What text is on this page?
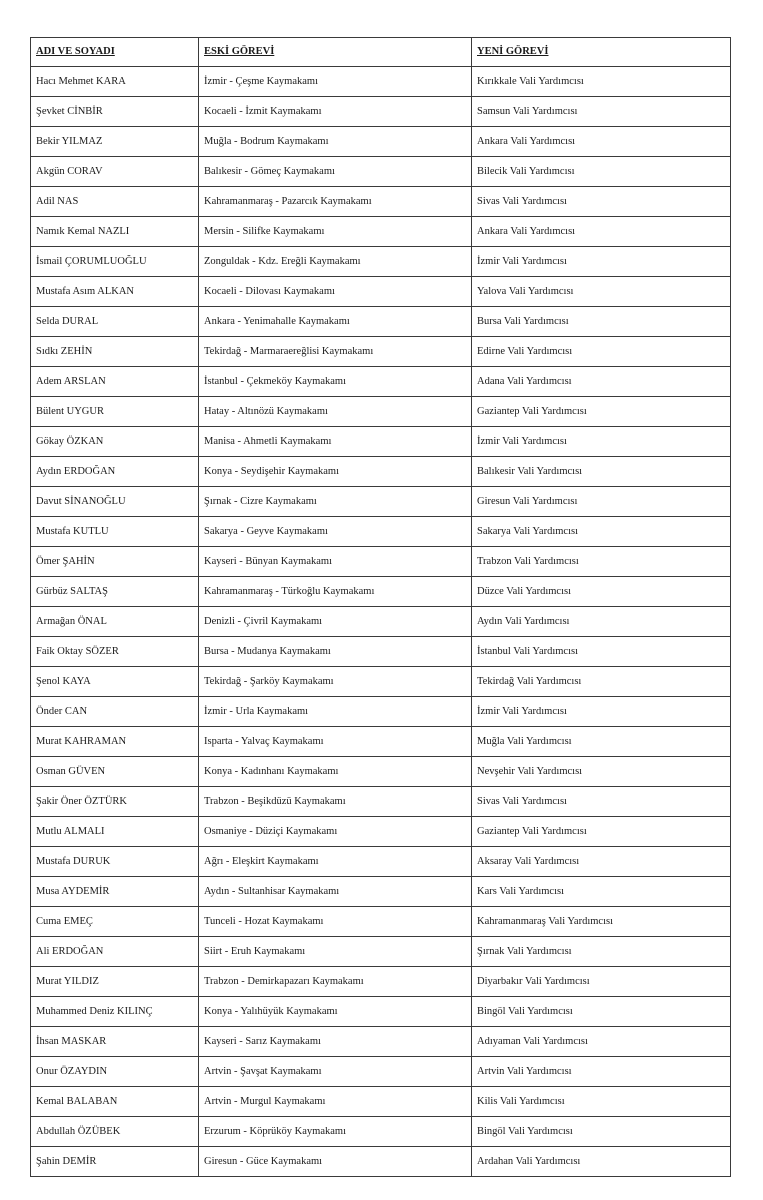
ADI VE SOYADI	ESKİ GÖREVİ	YENİ GÖREVİ
Hacı Mehmet KARA	İzmir - Çeşme Kaymakamı	Kırıkkale Vali Yardımcısı
Şevket CİNBİR	Kocaeli - İzmit Kaymakamı	Samsun Vali Yardımcısı
Bekir YILMAZ	Muğla - Bodrum Kaymakamı	Ankara Vali Yardımcısı
Akgün CORAV	Balıkesir - Gömeç Kaymakamı	Bilecik Vali Yardımcısı
Adil NAS	Kahramanmaraş - Pazarcık Kaymakamı	Sivas Vali Yardımcısı
Namık Kemal NAZLI	Mersin - Silifke Kaymakamı	Ankara Vali Yardımcısı
İsmail ÇORUMLUOĞLU	Zonguldak - Kdz. Ereğli Kaymakamı	İzmir Vali Yardımcısı
Mustafa Asım ALKAN	Kocaeli - Dilovası Kaymakamı	Yalova Vali Yardımcısı
Selda DURAL	Ankara - Yenimahalle Kaymakamı	Bursa Vali Yardımcısı
Sıdkı ZEHİN	Tekirdağ - Marmaraereğlisi Kaymakamı	Edirne Vali Yardımcısı
Adem ARSLAN	İstanbul - Çekmeköy Kaymakamı	Adana Vali Yardımcısı
Bülent UYGUR	Hatay - Altınözü Kaymakamı	Gaziantep Vali Yardımcısı
Gökay ÖZKAN	Manisa - Ahmetli Kaymakamı	İzmir Vali Yardımcısı
Aydın ERDOĞAN	Konya - Seydişehir Kaymakamı	Balıkesir Vali Yardımcısı
Davut SİNANOĞLU	Şırnak - Cizre Kaymakamı	Giresun Vali Yardımcısı
Mustafa KUTLU	Sakarya - Geyve Kaymakamı	Sakarya Vali Yardımcısı
Ömer ŞAHİN	Kayseri - Bünyan Kaymakamı	Trabzon Vali Yardımcısı
Gürbüz SALTAŞ	Kahramanmaraş - Türkoğlu Kaymakamı	Düzce Vali Yardımcısı
Armağan ÖNAL	Denizli - Çivril Kaymakamı	Aydın Vali Yardımcısı
Faik Oktay SÖZER	Bursa - Mudanya Kaymakamı	İstanbul Vali Yardımcısı
Şenol KAYA	Tekirdağ - Şarköy Kaymakamı	Tekirdağ Vali Yardımcısı
Önder CAN	İzmir - Urla Kaymakamı	İzmir Vali Yardımcısı
Murat KAHRAMAN	Isparta - Yalvaç Kaymakamı	Muğla Vali Yardımcısı
Osman GÜVEN	Konya - Kadınhanı Kaymakamı	Nevşehir Vali Yardımcısı
Şakir Öner ÖZTÜRK	Trabzon - Beşikdüzü Kaymakamı	Sivas Vali Yardımcısı
Mutlu ALMALI	Osmaniye - Düziçi Kaymakamı	Gaziantep Vali Yardımcısı
Mustafa DURUK	Ağrı - Eleşkirt Kaymakamı	Aksaray Vali Yardımcısı
Musa AYDEMİR	Aydın - Sultanhisar Kaymakamı	Kars Vali Yardımcısı
Cuma EMEÇ	Tunceli - Hozat Kaymakamı	Kahramanmaraş Vali Yardımcısı
Ali ERDOĞAN	Siirt - Eruh Kaymakamı	Şırnak Vali Yardımcısı
Murat YILDIZ	Trabzon - Demirkapazarı Kaymakamı	Diyarbakır Vali Yardımcısı
Muhammed Deniz KILINÇ	Konya - Yalıhüyük Kaymakamı	Bingöl Vali Yardımcısı
İhsan MASKAR	Kayseri - Sarız Kaymakamı	Adıyaman Vali Yardımcısı
Onur ÖZAYDIN	Artvin - Şavşat Kaymakamı	Artvin Vali Yardımcısı
Kemal BALABAN	Artvin - Murgul Kaymakamı	Kilis Vali Yardımcısı
Abdullah ÖZÜBEK	Erzurum - Köprüköy Kaymakamı	Bingöl Vali Yardımcısı
Şahin DEMİR	Giresun - Güce Kaymakamı	Ardahan Vali Yardımcısı
